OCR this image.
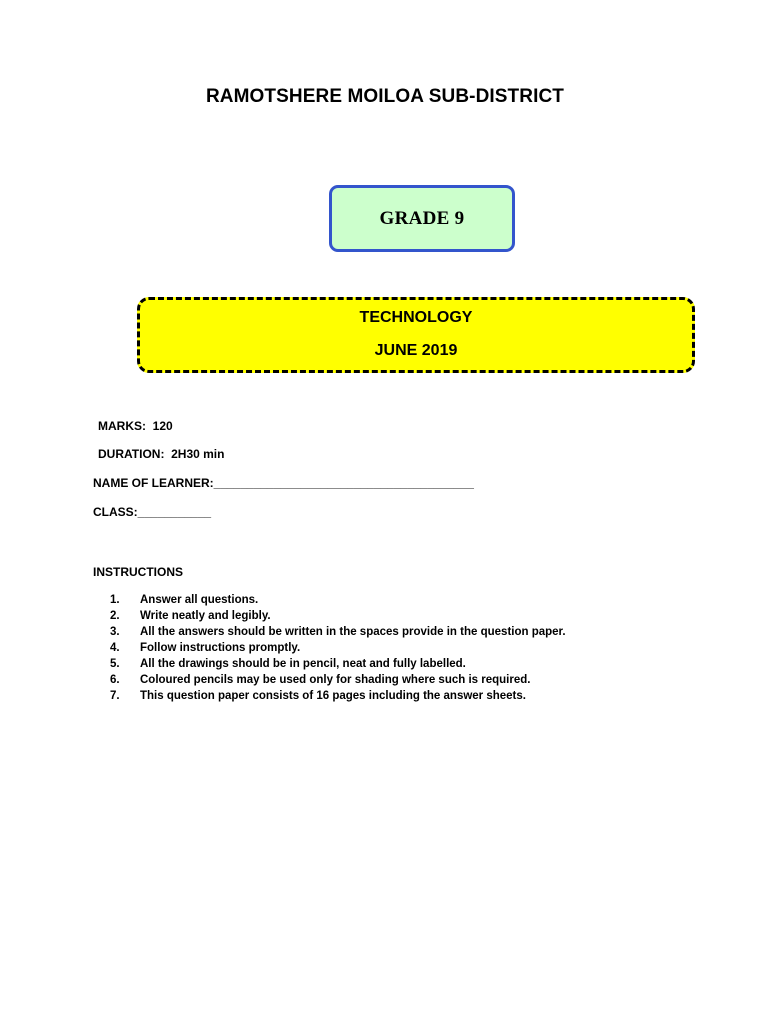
RAMOTSHERE MOILOA SUB-DISTRICT
GRADE 9
TECHNOLOGY
JUNE 2019
MARKS:  120
DURATION:  2H30 min
NAME OF LEARNER:_______________________________________
CLASS:___________
INSTRUCTIONS
1.	Answer all questions.
2.	Write neatly and legibly.
3.	All the answers should be written in the spaces provide in the question paper.
4.	Follow instructions promptly.
5.	All the drawings should be in pencil, neat and fully labelled.
6.	Coloured pencils may be used only for shading where such is required.
7.	This question paper consists of 16 pages including the answer sheets.
